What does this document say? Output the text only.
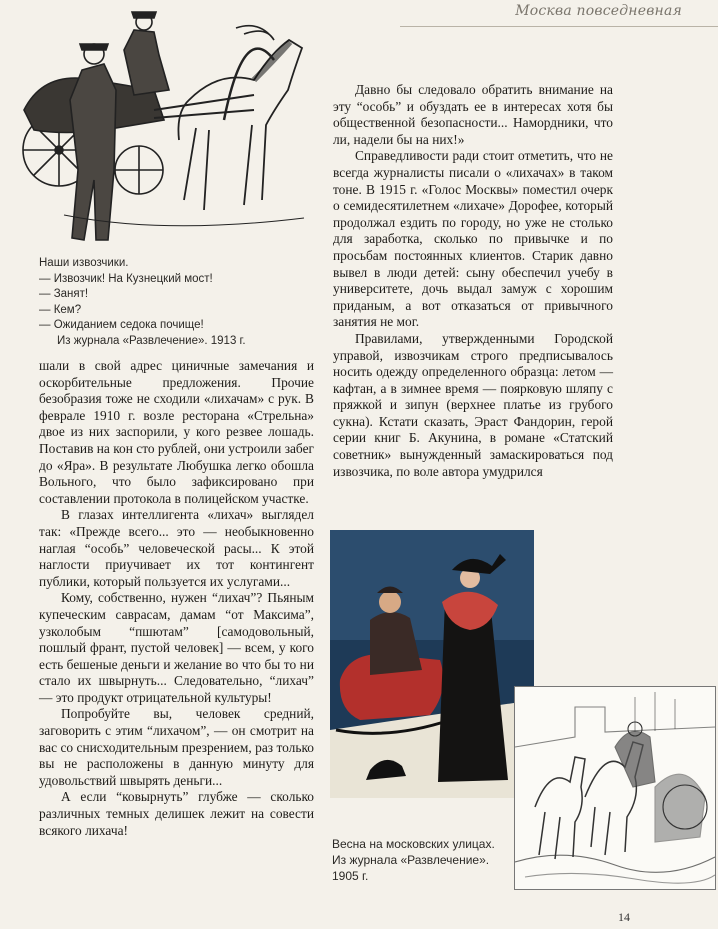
Москва повседневная
Наши извозчики.
— Извозчик! На Кузнецкий мост!
— Занят!
— Кем?
— Ожиданием седока почище!
Из журнала «Развлечение». 1913 г.

шали в свой адрес циничные замечания и оскорбительные предложения. Прочие безобразия тоже не сходили «лихачам» с рук. В феврале 1910 г. возле ресторана «Стрельна» двое из них заспорили, у кого резвее лошадь. Поставив на кон сто рублей, они устроили забег до «Яра». В результате Любушка легко обошла Вольного, что было зафиксировано при составлении протокола в полицейском участке.

В глазах интеллигента «лихач» выглядел так: «Прежде всего... это — необыкновенно наглая “особь” человеческой расы... К этой наглости приучивает их тот контингент публики, который пользуется их услугами...

Кому, собственно, нужен “лихач”? Пьяным купеческим саврасам, дамам “от Максима”, узколобым “пшютам” [самодовольный, пошлый франт, пустой человек] — всем, у кого есть бешеные деньги и желание во что бы то ни стало их швырнуть... Следовательно, “лихач” — это продукт отрицательной культуры!

Попробуйте вы, человек средний, заговорить с этим “лихачом”, — он смотрит на вас со снисходительным презрением, раз только вы не расположены в данную минуту для удовольствий швырять деньги...

А если “ковырнуть” глубже — сколько различных темных делишек лежит на совести всякого лихача!

Давно бы следовало обратить внимание на эту “особь” и обуздать ее в интересах хотя бы общественной безопасности... Намордники, что ли, надели бы на них!»

Справедливости ради стоит отметить, что не всегда журналисты писали о «лихачах» в таком тоне. В 1915 г. «Голос Москвы» поместил очерк о семидесятилетнем «лихаче» Дорофее, который продолжал ездить по городу, но уже не столько для заработка, сколько по привычке и по просьбам постоянных клиентов. Старик давно вывел в люди детей: сыну обеспечил учебу в университете, дочь выдал замуж с хорошим приданым, а вот отказаться от привычного занятия не мог.

Правилами, утвержденными Городской управой, извозчикам строго предписывалось носить одежду определенного образца: летом — кафтан, а в зимнее время — поярковую шляпу с пряжкой и зипун (верхнее платье из грубого сукна). Кстати сказать, Эраст Фандорин, герой серии книг Б. Акунина, в романе «Статский советник» вынужденный замаскироваться под извозчика, по воле автора умудрился

Весна на московских улицах.
Из журнала «Развлечение».
1905 г.
14
